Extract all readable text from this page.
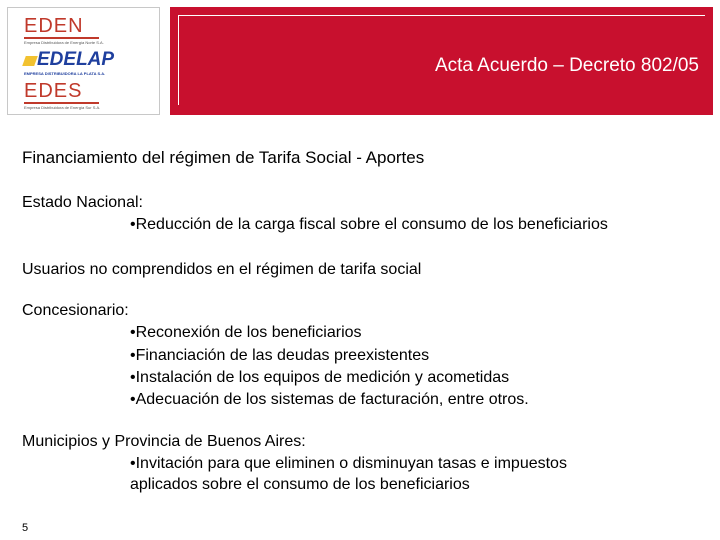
EDEN
Empresa Distribuidora de Energía Norte S.A.
EDELAP
EMPRESA DISTRIBUIDORA LA PLATA S.A.
EDES
Empresa Distribuidora de Energía Sur S.A.
Acta Acuerdo – Decreto 802/05
Financiamiento del régimen de Tarifa Social - Aportes
Estado Nacional:
•Reducción de la carga fiscal sobre el consumo de los beneficiarios
Usuarios no comprendidos en el régimen de tarifa social
Concesionario:
•Reconexión de los beneficiarios
•Financiación de las deudas preexistentes
•Instalación de los equipos de medición y acometidas
•Adecuación de los sistemas de facturación, entre otros.
Municipios y Provincia de Buenos Aires:
•Invitación para que eliminen o disminuyan tasas e impuestos
aplicados sobre el consumo de los beneficiarios
5
